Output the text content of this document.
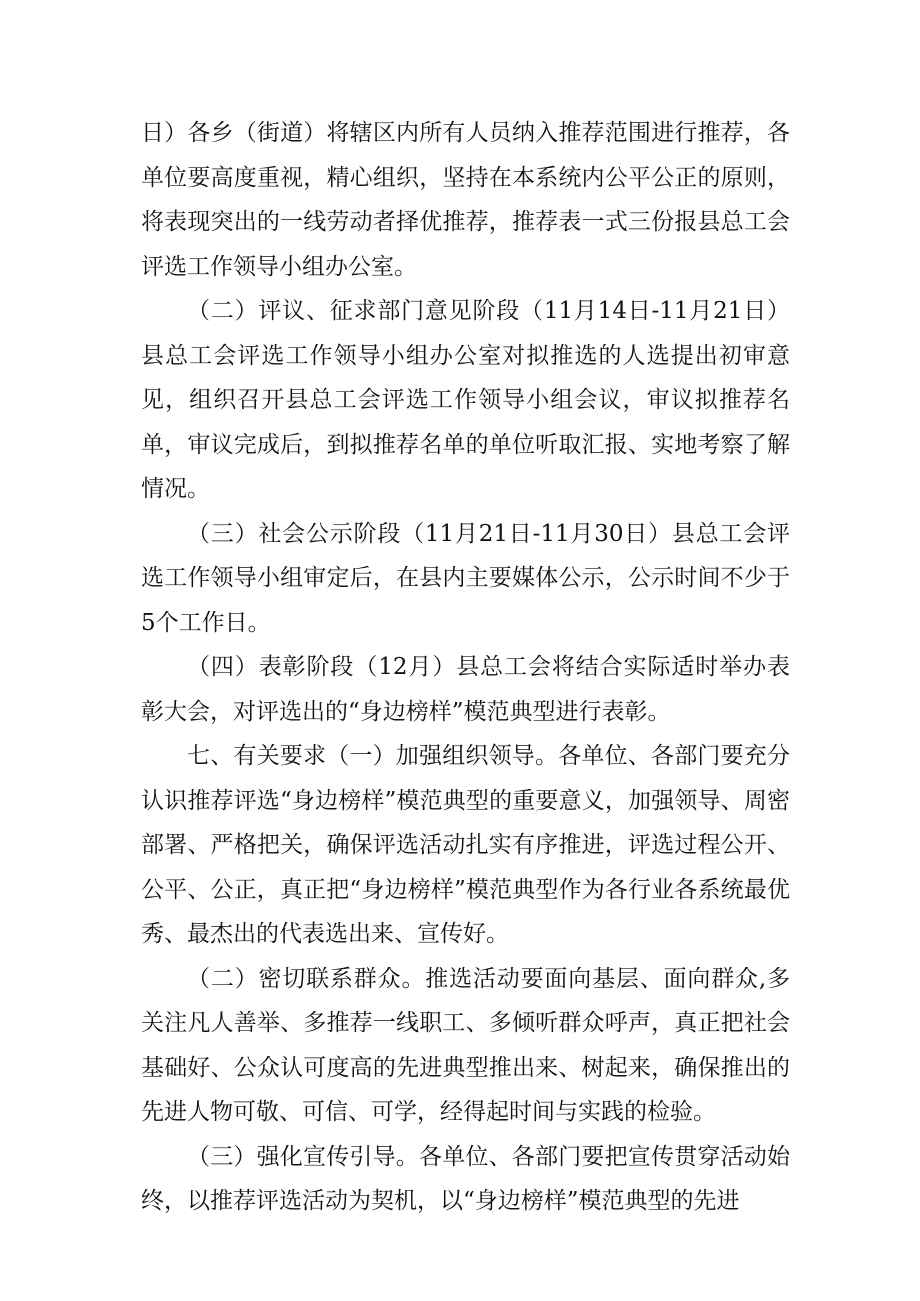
日）各乡（街道）将辖区内所有人员纳入推荐范围进行推荐，各单位要高度重视，精心组织，坚持在本系统内公平公正的原则，将表现突出的一线劳动者择优推荐，推荐表一式三份报县总工会评选工作领导小组办公室。

（二）评议、征求部门意见阶段（11月14日-11月21日）县总工会评选工作领导小组办公室对拟推选的人选提出初审意见，组织召开县总工会评选工作领导小组会议，审议拟推荐名单，审议完成后，到拟推荐名单的单位听取汇报、实地考察了解情况。

（三）社会公示阶段（11月21日-11月30日）县总工会评选工作领导小组审定后，在县内主要媒体公示，公示时间不少于5个工作日。

（四）表彰阶段（12月）县总工会将结合实际适时举办表彰大会，对评选出的“身边榜样”模范典型进行表彰。

七、有关要求（一）加强组织领导。各单位、各部门要充分认识推荐评选“身边榜样”模范典型的重要意义，加强领导、周密部署、严格把关，确保评选活动扎实有序推进，评选过程公开、公平、公正，真正把“身边榜样”模范典型作为各行业各系统最优秀、最杰出的代表选出来、宣传好。

（二）密切联系群众。推选活动要面向基层、面向群众,多关注凡人善举、多推荐一线职工、多倾听群众呼声，真正把社会基础好、公众认可度高的先进典型推出来、树起来，确保推出的先进人物可敬、可信、可学，经得起时间与实践的检验。

（三）强化宣传引导。各单位、各部门要把宣传贯穿活动始终，以推荐评选活动为契机，以“身边榜样”模范典型的先进
